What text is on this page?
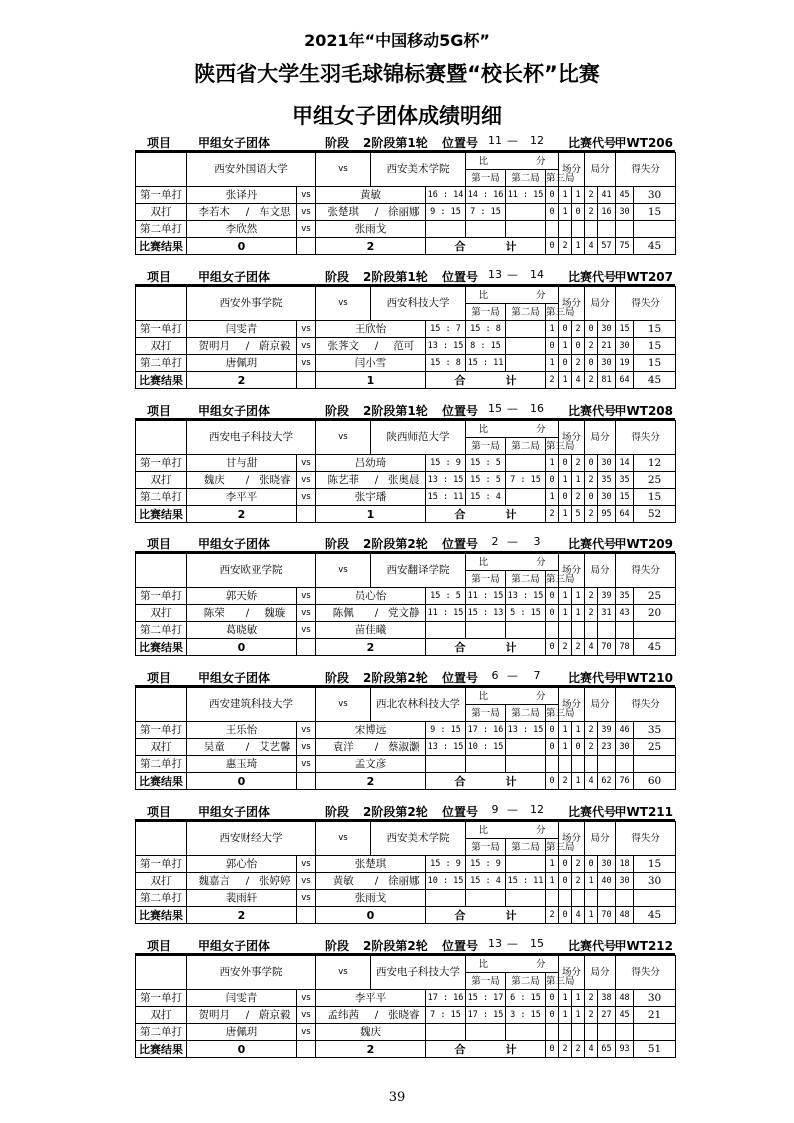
2021年“中国移动5G杯”
陕西省大学生羽毛球锦标赛暨“校长杯”比赛
甲组女子团体成绩明细
项目 甲组女子团体	阶段 2阶段第1轮 位置号 11 — 12 比赛代号
甲WT206
	西安外国语大学				vs	西安美术学院			比 分			场分		局分		得失分	

									第一局	第二局	第三局							
第一单打	张译丹			vs	黄敏			16 : 14	14 : 16	11 : 15	0	1	1	2	41	45	30	
双打	李若木	/	车文思	vs	张楚琪	/	徐丽娜	9 : 15	7 : 15		0	1	0	2	16	30	15	
第二单打	李欣然			vs	张雨戈													
比赛结果	0				2			合 计			0	2	1	4	57	75	45	
项目 甲组女子团体	阶段 2阶段第1轮 位置号 13 — 14 比赛代号
甲WT207
	西安外事学院				vs	西安科技大学			比 分			场分		局分		得失分	

									第一局	第二局	第三局							
第一单打	闫雯青			vs	王欣怡			15 : 7	15 : 8		1	0	2	0	30	15	15	
双打	贺明月	/	蔚京毅	vs	张荠文	/	范可	13 : 15	8 : 15		0	1	0	2	21	30	15	
第二单打	唐佩玥			vs	闫小雪			15 : 8	15 : 11		1	0	2	0	30	19	15	
比赛结果	2				1			合 计			2	1	4	2	81	64	45	
项目 甲组女子团体	阶段 2阶段第1轮 位置号 15 — 16 比赛代号
甲WT208
	西安电子科技大学				vs	陕西师范大学			比 分			场分		局分		得失分	

									第一局	第二局	第三局							
第一单打	甘与甜			vs	吕幼琦			15 : 9	15 : 5		1	0	2	0	30	14	12	
双打	魏庆	/	张晓睿	vs	陈艺菲	/	张奥晨	13 : 15	15 : 5	7 : 15	0	1	1	2	35	35	25	
第二单打	李平平			vs	张宇璠			15 : 11	15 : 4		1	0	2	0	30	15	15	
比赛结果	2				1			合 计			2	1	5	2	95	64	52	
项目 甲组女子团体	阶段 2阶段第2轮 位置号	2 —	3	比赛代号
甲WT209
	西安欧亚学院				vs	西安翻译学院			比 分			场分		局分		得失分	

									第一局	第二局	第三局							
第一单打	郭天娇			vs	员心怡			15 : 5	11 : 15	13 : 15	0	1	1	2	39	35	25	
双打	陈荣	/	魏璇	vs	陈佩	/	党文静	11 : 15	15 : 13	5 : 15	0	1	1	2	31	43	20	
第二单打	葛晓敏			vs	苗佳曦													
比赛结果	0				2			合 计			0	2	2	4	70	78	45	
项目 甲组女子团体	阶段 2阶段第2轮 位置号	6 —	7	比赛代号
甲WT210
	西安建筑科技大学				vs	西北农林科技大学			比 分			场分		局分		得失分	

									第一局	第二局	第三局							
第一单打	王乐怡			vs	宋博远			9 : 15	17 : 16	13 : 15	0	1	1	2	39	46	35	
双打	吴童	/	艾艺馨	vs	袁洋	/	蔡淑灏	13 : 15	10 : 15		0	1	0	2	23	30	25	
第二单打	惠玉琦			vs	孟文彦													
比赛结果	0				2			合 计			0	2	1	4	62	76	60	
项目 甲组女子团体	阶段 2阶段第2轮 位置号	9 — 12 比赛代号
甲WT211
	西安财经大学				vs	西安美术学院			比 分			场分		局分		得失分	

									第一局	第二局	第三局							
第一单打	郭心怡			vs	张楚琪			15 : 9	15 : 9		1	0	2	0	30	18	15	
双打	魏嘉言	/	张婷婷	vs	黄敏	/	徐丽娜	10 : 15	15 : 4	15 : 11	1	0	2	1	40	30	30	
第二单打	裴雨轩			vs	张雨戈													
比赛结果	2				0			合 计			2	0	4	1	70	48	45	
项目 甲组女子团体	阶段 2阶段第2轮 位置号 13 — 15 比赛代号
甲WT212
	西安外事学院				vs	西安电子科技大学			比 分			场分		局分		得失分	

									第一局	第二局	第三局							
第一单打	闫雯青			vs	李平平			17 : 16	15 : 17	6 : 15	0	1	1	2	38	48	30	
双打	贺明月	/	蔚京毅	vs	孟纬茜	/	张晓睿	7 : 15	17 : 15	3 : 15	0	1	1	2	27	45	21	
第二单打	唐佩玥			vs	魏庆													
比赛结果	0				2			合 计			0	2	2	4	65	93	51	
39
